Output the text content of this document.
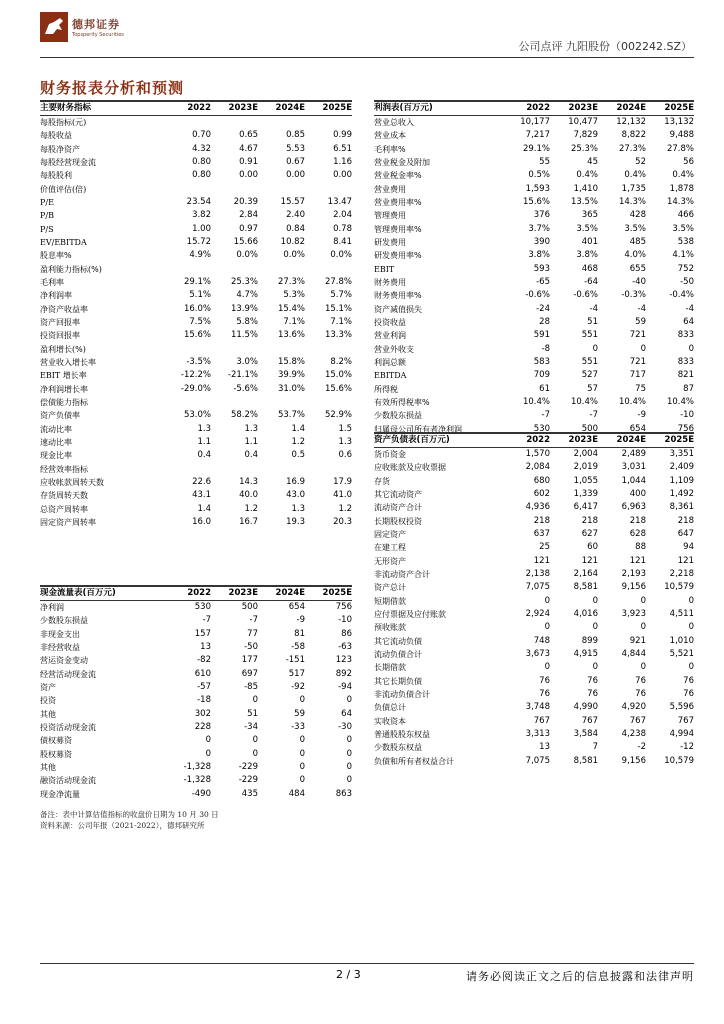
德邦证券
Topsperity Securities
公司点评 九阳股份（002242.SZ）
财务报表分析和预测
主要财务指标	2022	2023E	2024E	2025E
每股指标(元)				
每股收益	0.70	0.65	0.85	0.99
每股净资产	4.32	4.67	5.53	6.51
每股经营现金流	0.80	0.91	0.67	1.16
每股股利	0.80	0.00	0.00	0.00
价值评估(倍)				
P/E	23.54	20.39	15.57	13.47
P/B	3.82	2.84	2.40	2.04
P/S	1.00	0.97	0.84	0.78
EV/EBITDA	15.72	15.66	10.82	8.41
股息率%	4.9%	0.0%	0.0%	0.0%
盈利能力指标(%)				
毛利率	29.1%	25.3%	27.3%	27.8%
净利润率	5.1%	4.7%	5.3%	5.7%
净资产收益率	16.0%	13.9%	15.4%	15.1%
资产回报率	7.5%	5.8%	7.1%	7.1%
投资回报率	15.6%	11.5%	13.6%	13.3%
盈利增长(%)				
营业收入增长率	-3.5%	3.0%	15.8%	8.2%
EBIT 增长率	-12.2%	-21.1%	39.9%	15.0%
净利润增长率	-29.0%	-5.6%	31.0%	15.6%
偿债能力指标				
资产负债率	53.0%	58.2%	53.7%	52.9%
流动比率	1.3	1.3	1.4	1.5
速动比率	1.1	1.1	1.2	1.3
现金比率	0.4	0.4	0.5	0.6
经营效率指标				
应收帐款周转天数	22.6	14.3	16.9	17.9
存货周转天数	43.1	40.0	43.0	41.0
总资产周转率	1.4	1.2	1.3	1.2
固定资产周转率	16.0	16.7	19.3	20.3
现金流量表(百万元)	2022	2023E	2024E	2025E
净利润	530	500	654	756
少数股东损益	-7	-7	-9	-10
非现金支出	157	77	81	86
非经营收益	13	-50	-58	-63
营运资金变动	-82	177	-151	123
经营活动现金流	610	697	517	892
资产	-57	-85	-92	-94
投资	-18	0	0	0
其他	302	51	59	64
投资活动现金流	228	-34	-33	-30
债权募资	0	0	0	0
股权募资	0	0	0	0
其他	-1,328	-229	0	0
融资活动现金流	-1,328	-229	0	0
现金净流量	-490	435	484	863
利润表(百万元)	2022	2023E	2024E	2025E
营业总收入	10,177	10,477	12,132	13,132
营业成本	7,217	7,829	8,822	9,488
毛利率%	29.1%	25.3%	27.3%	27.8%
营业税金及附加	55	45	52	56
营业税金率%	0.5%	0.4%	0.4%	0.4%
营业费用	1,593	1,410	1,735	1,878
营业费用率%	15.6%	13.5%	14.3%	14.3%
管理费用	376	365	428	466
管理费用率%	3.7%	3.5%	3.5%	3.5%
研发费用	390	401	485	538
研发费用率%	3.8%	3.8%	4.0%	4.1%
EBIT	593	468	655	752
财务费用	-65	-64	-40	-50
财务费用率%	-0.6%	-0.6%	-0.3%	-0.4%
资产减值损失	-24	-4	-4	-4
投资收益	28	51	59	64
营业利润	591	551	721	833
营业外收支	-8	0	0	0
利润总额	583	551	721	833
EBITDA	709	527	717	821
所得税	61	57	75	87
有效所得税率%	10.4%	10.4%	10.4%	10.4%
少数股东损益	-7	-7	-9	-10
归属母公司所有者净利润	530	500	654	756
资产负债表(百万元)	2022	2023E	2024E	2025E
货币资金	1,570	2,004	2,489	3,351
应收账款及应收票据	2,084	2,019	3,031	2,409
存货	680	1,055	1,044	1,109
其它流动资产	602	1,339	400	1,492
流动资产合计	4,936	6,417	6,963	8,361
长期股权投资	218	218	218	218
固定资产	637	627	628	647
在建工程	25	60	88	94
无形资产	121	121	121	121
非流动资产合计	2,138	2,164	2,193	2,218
资产总计	7,075	8,581	9,156	10,579
短期借款	0	0	0	0
应付票据及应付账款	2,924	4,016	3,923	4,511
预收账款	0	0	0	0
其它流动负债	748	899	921	1,010
流动负债合计	3,673	4,915	4,844	5,521
长期借款	0	0	0	0
其它长期负债	76	76	76	76
非流动负债合计	76	76	76	76
负债总计	3,748	4,990	4,920	5,596
实收资本	767	767	767	767
普通股股东权益	3,313	3,584	4,238	4,994
少数股东权益	13	7	-2	-12
负债和所有者权益合计	7,075	8,581	9,156	10,579
备注：表中计算估值指标的收盘价日期为 10 月 30 日
资料来源：公司年报（2021-2022），德邦研究所
2 / 3	请务必阅读正文之后的信息披露和法律声明
